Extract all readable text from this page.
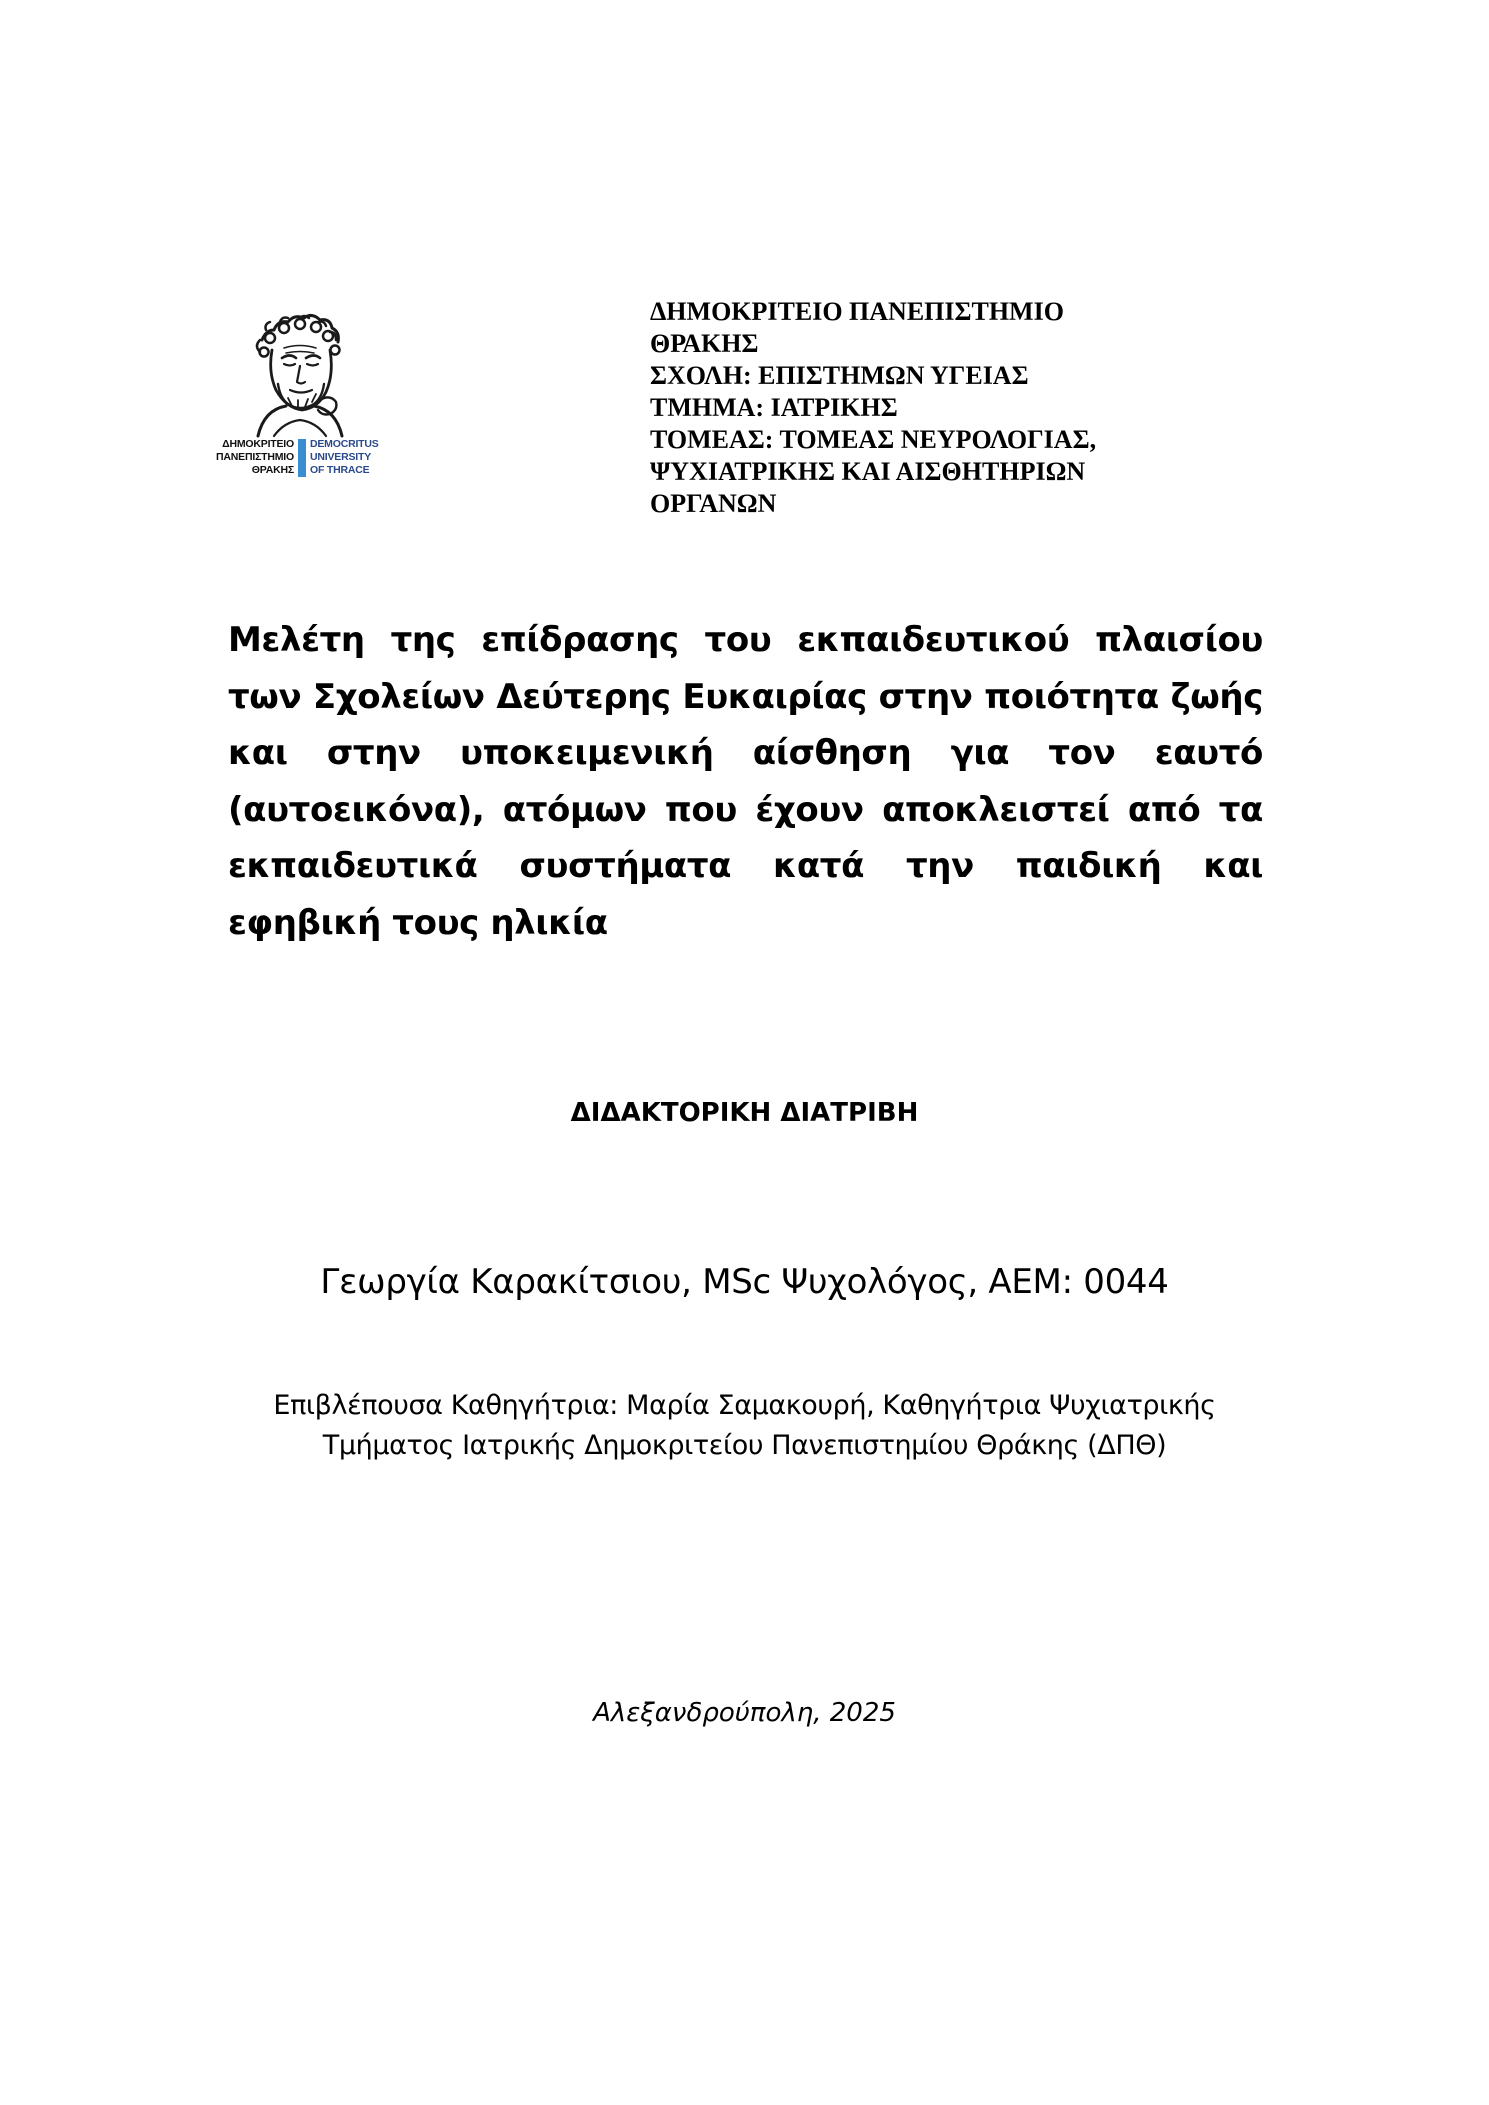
ΔΗΜΟΚΡΙΤΕΙΟ
ΠΑΝΕΠΙΣΤΗΜΙΟ
ΘΡΑΚΗΣ
DEMOCRITUS
UNIVERSITY
OF THRACE
ΔΗΜΟΚΡΙΤΕΙΟ ΠΑΝΕΠΙΣΤΗΜΙΟ
ΘΡΑΚΗΣ
ΣΧΟΛΗ: ΕΠΙΣΤΗΜΩΝ ΥΓΕΙΑΣ
ΤΜΗΜΑ: ΙΑΤΡΙΚΗΣ
ΤΟΜΕΑΣ: ΤΟΜΕΑΣ ΝΕΥΡΟΛΟΓΙΑΣ,
ΨΥΧΙΑΤΡΙΚΗΣ ΚΑΙ ΑΙΣΘΗΤΗΡΙΩΝ
ΟΡΓΑΝΩΝ

Μελέτη της επίδρασης του εκπαιδευτικού πλαισίου των Σχολείων Δεύτερης Ευκαιρίας στην ποιότητα ζωής και στην υποκειμενική αίσθηση για τον εαυτό (αυτοεικόνα), ατόμων που έχουν αποκλειστεί από τα εκπαιδευτικά συστήματα κατά την παιδική και εφηβική τους ηλικία

ΔΙΔΑΚΤΟΡΙΚΗ ΔΙΑΤΡΙΒΗ
Γεωργία Καρακίτσιου, MSc Ψυχολόγος, ΑΕΜ: 0044
Επιβλέπουσα Καθηγήτρια: Μαρία Σαμακουρή, Καθηγήτρια Ψυχιατρικής
Τμήματος Ιατρικής Δημοκριτείου Πανεπιστημίου Θράκης (ΔΠΘ)
Αλεξανδρούπολη, 2025
